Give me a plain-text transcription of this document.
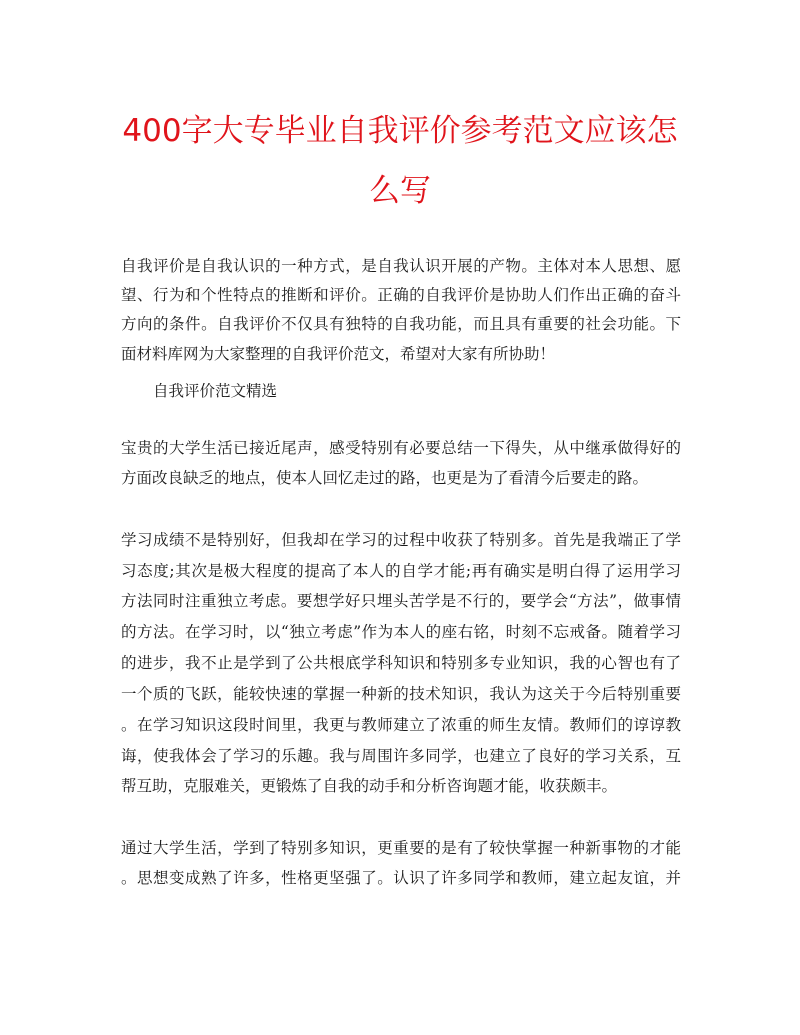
400字大专毕业自我评价参考范文应该怎
么写
自我评价是自我认识的一种方式，是自我认识开展的产物。主体对本人思想、愿
望、行为和个性特点的推断和评价。正确的自我评价是协助人们作出正确的奋斗
方向的条件。自我评价不仅具有独特的自我功能，而且具有重要的社会功能。下
面材料库网为大家整理的自我评价范文，希望对大家有所协助！
自我评价范文精选
宝贵的大学生活已接近尾声，感受特别有必要总结一下得失，从中继承做得好的
方面改良缺乏的地点，使本人回忆走过的路，也更是为了看清今后要走的路。
学习成绩不是特别好，但我却在学习的过程中收获了特别多。首先是我端正了学
习态度;其次是极大程度的提高了本人的自学才能;再有确实是明白得了运用学习
方法同时注重独立考虑。要想学好只埋头苦学是不行的，要学会“方法”，做事情
的方法。在学习时，以“独立考虑”作为本人的座右铭，时刻不忘戒备。随着学习
的进步，我不止是学到了公共根底学科知识和特别多专业知识，我的心智也有了
一个质的飞跃，能较快速的掌握一种新的技术知识，我认为这关于今后特别重要
。在学习知识这段时间里，我更与教师建立了浓重的师生友情。教师们的谆谆教
诲，使我体会了学习的乐趣。我与周围许多同学，也建立了良好的学习关系，互
帮互助，克服难关，更锻炼了自我的动手和分析咨询题才能，收获颇丰。
通过大学生活，学到了特别多知识，更重要的是有了较快掌握一种新事物的才能
。思想变成熟了许多，性格更坚强了。认识了许多同学和教师，建立起友谊，并
